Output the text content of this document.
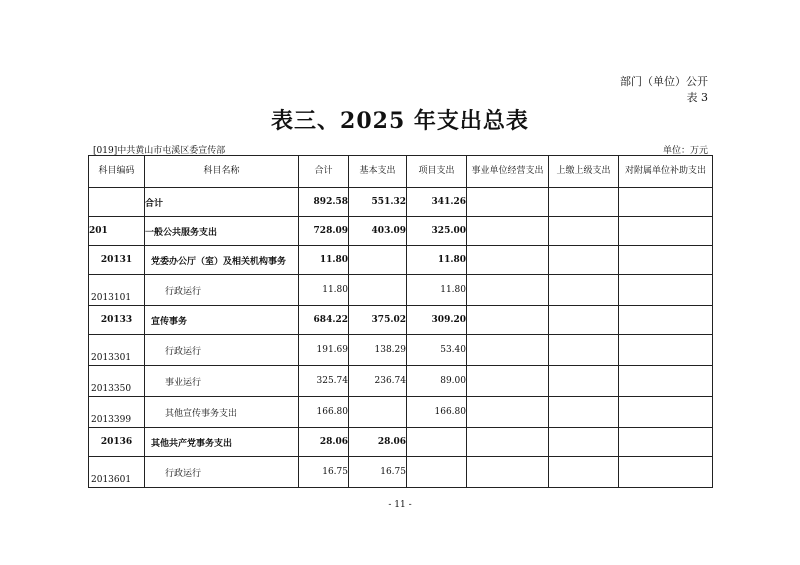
部门（单位）公开
表 3
表三、2025 年支出总表
[019]中共黄山市屯溪区委宣传部	单位：万元
科目编码	科目名称	合计	基本支出	项目支出	事业单位经营支出	上缴上级支出	对附属单位补助支出
	合计	892.58	551.32	341.26			
201	一般公共服务支出	728.09	403.09	325.00			
20131	党委办公厅（室）及相关机构事务	11.80		11.80			
2013101	行政运行	11.80		11.80			
20133	宣传事务	684.22	375.02	309.20			
2013301	行政运行	191.69	138.29	53.40			
2013350	事业运行	325.74	236.74	89.00			
2013399	其他宣传事务支出	166.80		166.80			
20136	其他共产党事务支出	28.06	28.06				
2013601	行政运行	16.75	16.75				
- 11 -
